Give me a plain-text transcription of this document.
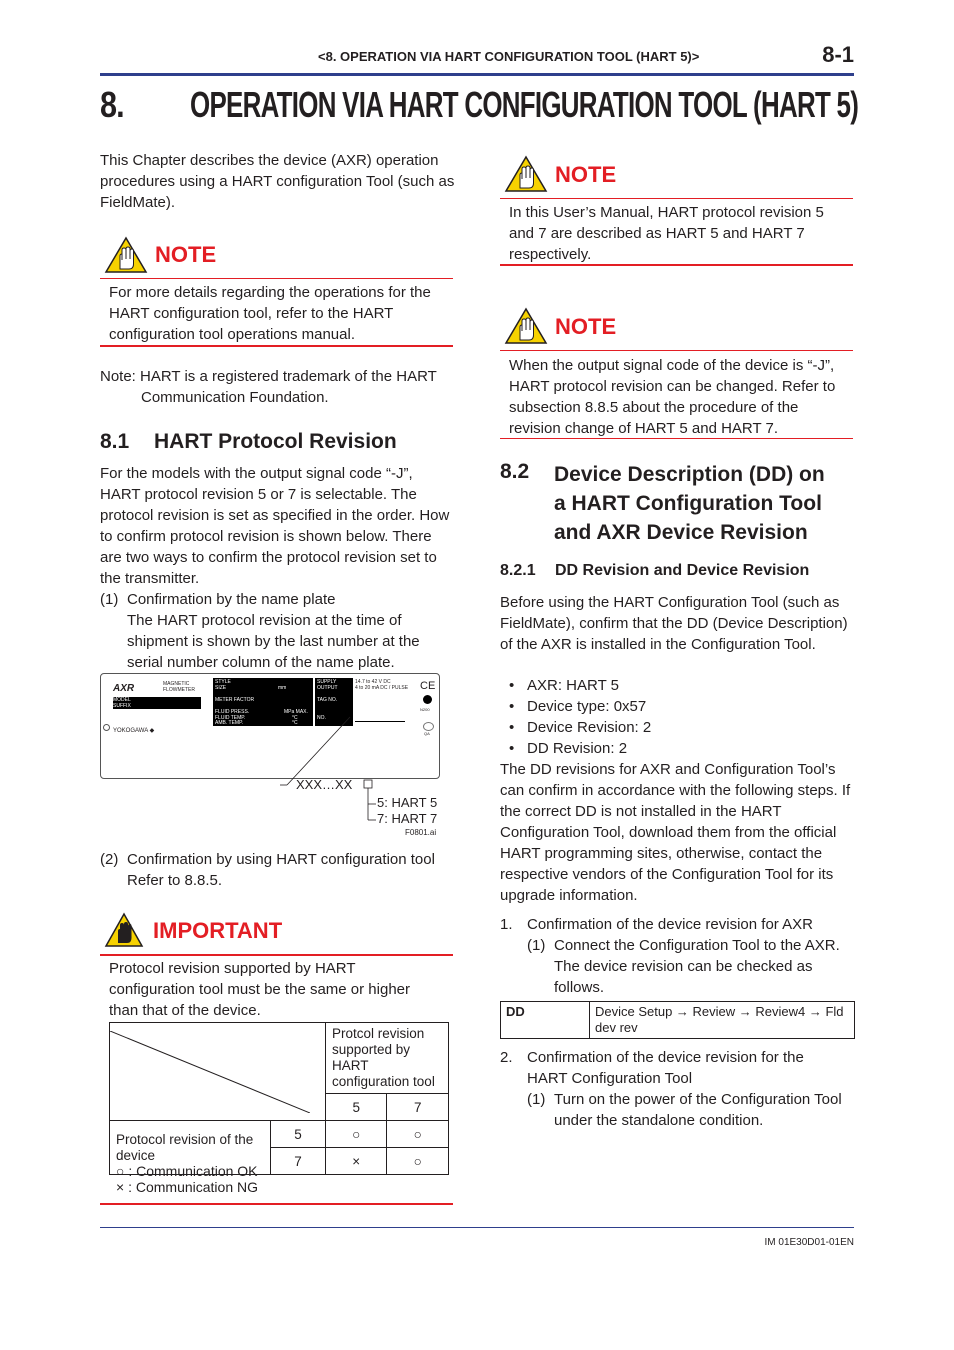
<8. OPERATION VIA HART CONFIGURATION TOOL (HART 5)>	8-1
8. OPERATION VIA HART CONFIGURATION TOOL (HART 5)
This Chapter describes the device (AXR) operation procedures using a HART configuration Tool (such as FieldMate).
NOTE
For more details regarding the operations for the HART configuration tool, refer to the HART configuration tool operations manual.
Note: HART is a registered trademark of the HART
Communication Foundation.
8.1 HART Protocol Revision
For the models with the output signal code “-J”, HART protocol revision 5 or 7 is selectable. The protocol revision is set as specified in the order. How to confirm protocol revision is shown below. There are two ways to confirm the protocol revision set to the transmitter.
(1) Confirmation by the name plate
The HART protocol revision at the time of shipment is shown by the last number at the serial number column of the name plate.
AXR	MAGNETIC FLOWMETER
MODEL
SUFFIX
STYLE
SIZE
METER FACTOR
FLUID PRESS.
FLUID TEMP.
AMB. TEMP.
mm
MPa MAX.
°C
°C
SUPPLY
OUTPUT
TAG NO.
NO.
14.7 to 42 V DC
4 to 20 mA DC / PULSE CE
N200
QA
YOKOGAWA ◆
XXX…XX
5: HART 5
7: HART 7
F0801.ai
(2) Confirmation by using HART configuration tool
Refer to 8.8.5.
IMPORTANT
Protocol revision supported by HART configuration tool must be the same or higher than that of the device.
	Protcol revision supported by HART configuration tool	
		5	7
Protocol revision of the device	5	○	○
	7	×	○
○ : Communication OK
× : Communication NG
NOTE
In this User’s Manual, HART protocol revision 5 and 7 are described as HART 5 and HART 7 respectively.
NOTE
When the output signal code of the device is “-J”, HART protocol revision can be changed. Refer to subsection 8.8.5 about the procedure of the revision change of HART 5 and HART 7.
8.2 Device Description (DD) on
a HART Configuration Tool
and AXR Device Revision
8.2.1 DD Revision and Device Revision
Before using the HART Configuration Tool (such as FieldMate), confirm that the DD (Device Description) of the AXR is installed in the Configuration Tool.
• AXR: HART 5
• Device type: 0x57
• Device Revision: 2
• DD Revision: 2
The DD revisions for AXR and Configuration Tool’s can confirm in accordance with the following steps. If the correct DD is not installed in the HART Configuration Tool, download them from the official HART programming sites, otherwise, contact the respective vendors of the Configuration Tool for its upgrade information.
1. Confirmation of the device revision for AXR
(1) Connect the Configuration Tool to the AXR. The device revision can be checked as follows.
DD	Device Setup → Review → Review4 → Fld dev rev
2. Confirmation of the device revision for the HART Configuration Tool
(1) Turn on the power of the Configuration Tool under the standalone condition.
IM 01E30D01-01EN
